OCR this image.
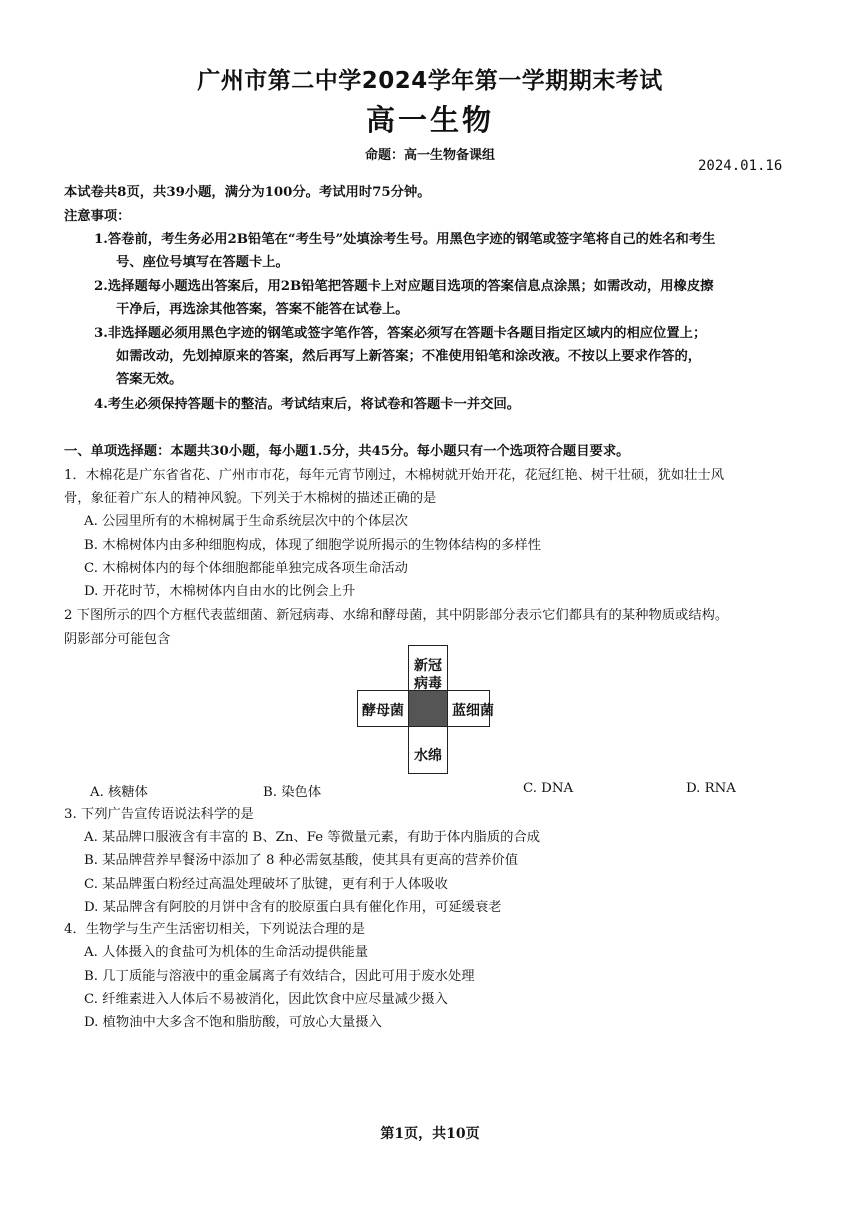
广州市第二中学2024学年第一学期期末考试
高一生物
命题：高一生物备课组
2024.01.16
本试卷共8页，共39小题，满分为100分。考试用时75分钟。
注意事项：
1.答卷前，考生务必用2B铅笔在“考生号”处填涂考生号。用黑色字迹的钢笔或签字笔将自己的姓名和考生
号、座位号填写在答题卡上。
2.选择题每小题选出答案后，用2B铅笔把答题卡上对应题目选项的答案信息点涂黑；如需改动，用橡皮擦
干净后，再选涂其他答案，答案不能答在试卷上。
3.非选择题必须用黑色字迹的钢笔或签字笔作答，答案必须写在答题卡各题目指定区域内的相应位置上；
如需改动，先划掉原来的答案，然后再写上新答案；不准使用铅笔和涂改液。不按以上要求作答的，
答案无效。
4.考生必须保持答题卡的整洁。考试结束后，将试卷和答题卡一并交回。
一、单项选择题：本题共30小题，每小题1.5分，共45分。每小题只有一个选项符合题目要求。
1．木棉花是广东省省花、广州市市花，每年元宵节刚过，木棉树就开始开花，花冠红艳、树干壮硕，犹如壮士风
骨，象征着广东人的精神风貌。下列关于木棉树的描述正确的是
A. 公园里所有的木棉树属于生命系统层次中的个体层次
B. 木棉树体内由多种细胞构成，体现了细胞学说所揭示的生物体结构的多样性
C. 木棉树体内的每个体细胞都能单独完成各项生命活动
D. 开花时节，木棉树体内自由水的比例会上升
2 下图所示的四个方框代表蓝细菌、新冠病毒、水绵和酵母菌，其中阴影部分表示它们都具有的某种物质或结构。
阴影部分可能包含
新冠
病毒
酵母菌	蓝细菌
水绵
A. 核糖体	B. 染色体	C. DNA	D. RNA
3. 下列广告宣传语说法科学的是
A. 某品牌口服液含有丰富的 B、Zn、Fe 等微量元素，有助于体内脂质的合成
B. 某品牌营养早餐汤中添加了 8 种必需氨基酸，使其具有更高的营养价值
C. 某品牌蛋白粉经过高温处理破坏了肽键，更有利于人体吸收
D. 某品牌含有阿胶的月饼中含有的胶原蛋白具有催化作用，可延缓衰老
4．生物学与生产生活密切相关，下列说法合理的是
A. 人体摄入的食盐可为机体的生命活动提供能量
B. 几丁质能与溶液中的重金属离子有效结合，因此可用于废水处理
C. 纤维素进入人体后不易被消化，因此饮食中应尽量减少摄入
D. 植物油中大多含不饱和脂肪酸，可放心大量摄入
第1页，共10页
